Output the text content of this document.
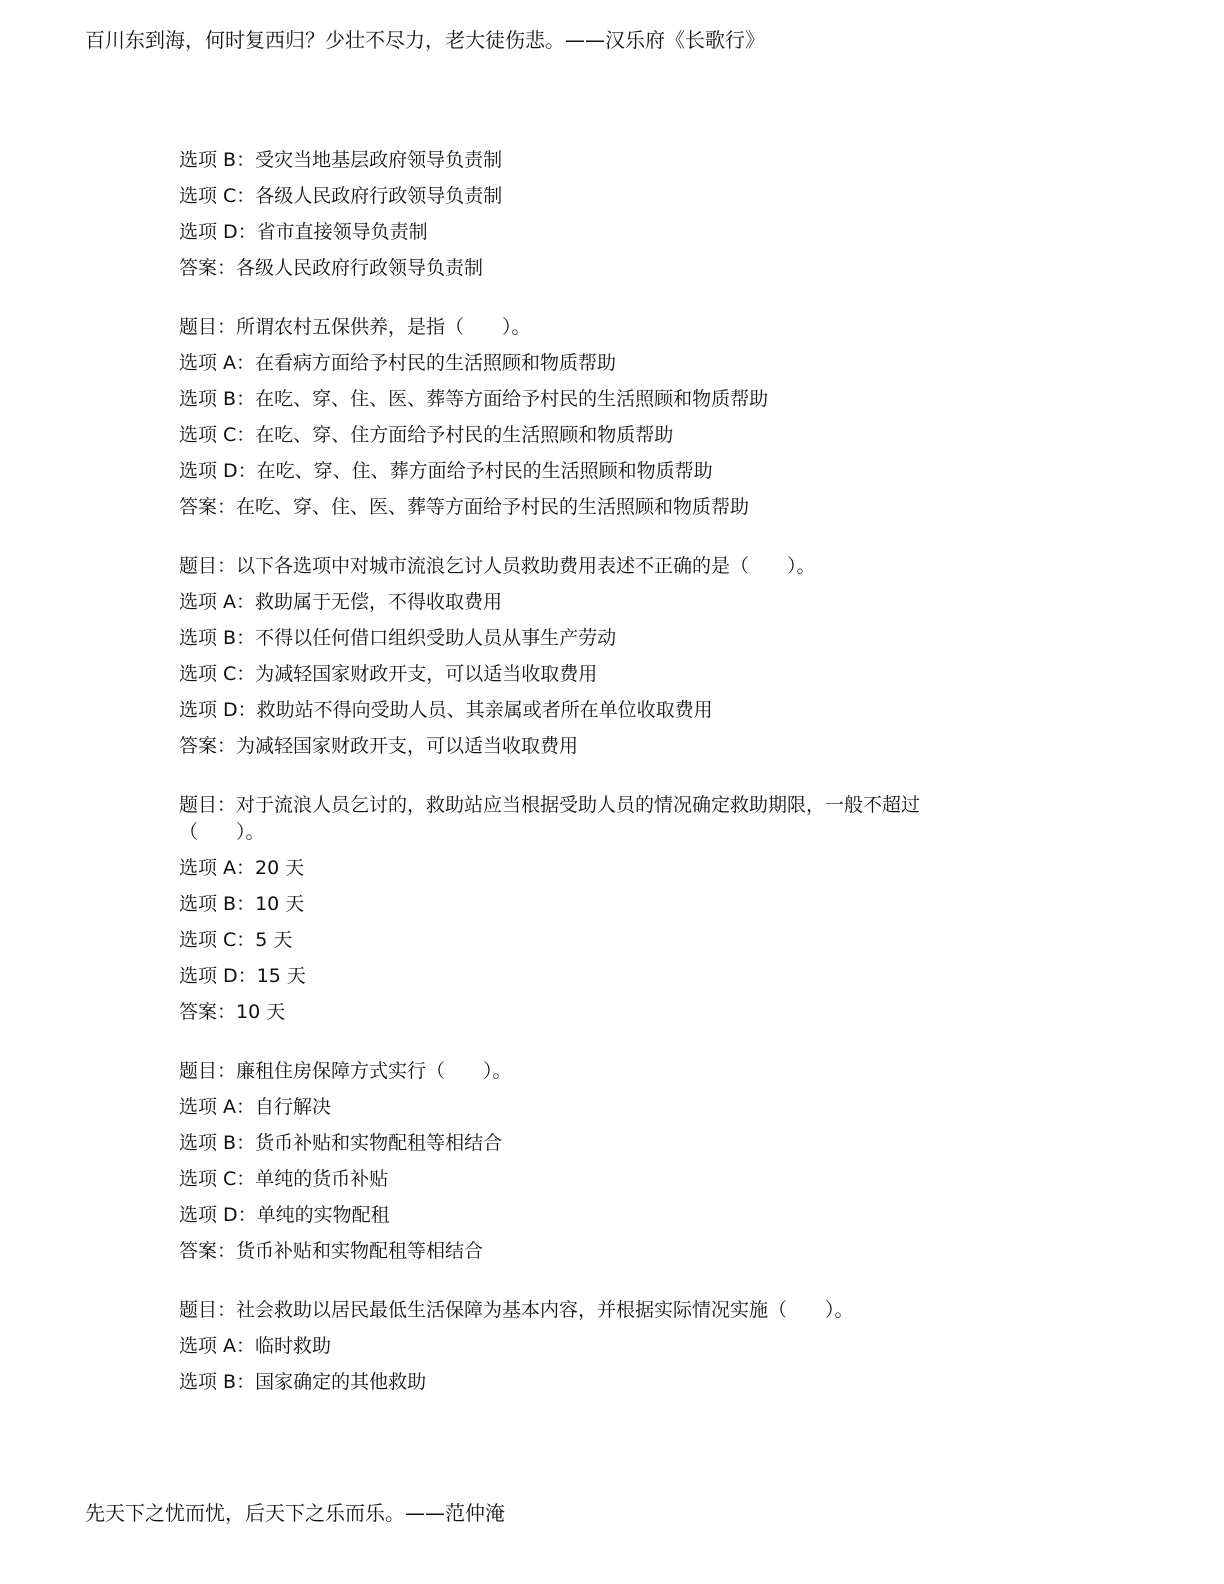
百川东到海，何时复西归？少壮不尽力，老大徒伤悲。——汉乐府《长歌行》
选项 B：受灾当地基层政府领导负责制
选项 C：各级人民政府行政领导负责制
选项 D：省市直接领导负责制
答案：各级人民政府行政领导负责制
题目：所谓农村五保供养，是指（　　）。
选项 A：在看病方面给予村民的生活照顾和物质帮助
选项 B：在吃、穿、住、医、葬等方面给予村民的生活照顾和物质帮助
选项 C：在吃、穿、住方面给予村民的生活照顾和物质帮助
选项 D：在吃、穿、住、葬方面给予村民的生活照顾和物质帮助
答案：在吃、穿、住、医、葬等方面给予村民的生活照顾和物质帮助
题目：以下各选项中对城市流浪乞讨人员救助费用表述不正确的是（　　）。
选项 A：救助属于无偿，不得收取费用
选项 B：不得以任何借口组织受助人员从事生产劳动
选项 C：为减轻国家财政开支，可以适当收取费用
选项 D：救助站不得向受助人员、其亲属或者所在单位收取费用
答案：为减轻国家财政开支，可以适当收取费用
题目：对于流浪人员乞讨的，救助站应当根据受助人员的情况确定救助期限，一般不超过
（　　）。
选项 A：20 天
选项 B：10 天
选项 C：5 天
选项 D：15 天
答案：10 天
题目：廉租住房保障方式实行（　　）。
选项 A：自行解决
选项 B：货币补贴和实物配租等相结合
选项 C：单纯的货币补贴
选项 D：单纯的实物配租
答案：货币补贴和实物配租等相结合
题目：社会救助以居民最低生活保障为基本内容，并根据实际情况实施（　　）。
选项 A：临时救助
选项 B：国家确定的其他救助
先天下之忧而忧，后天下之乐而乐。——范仲淹
